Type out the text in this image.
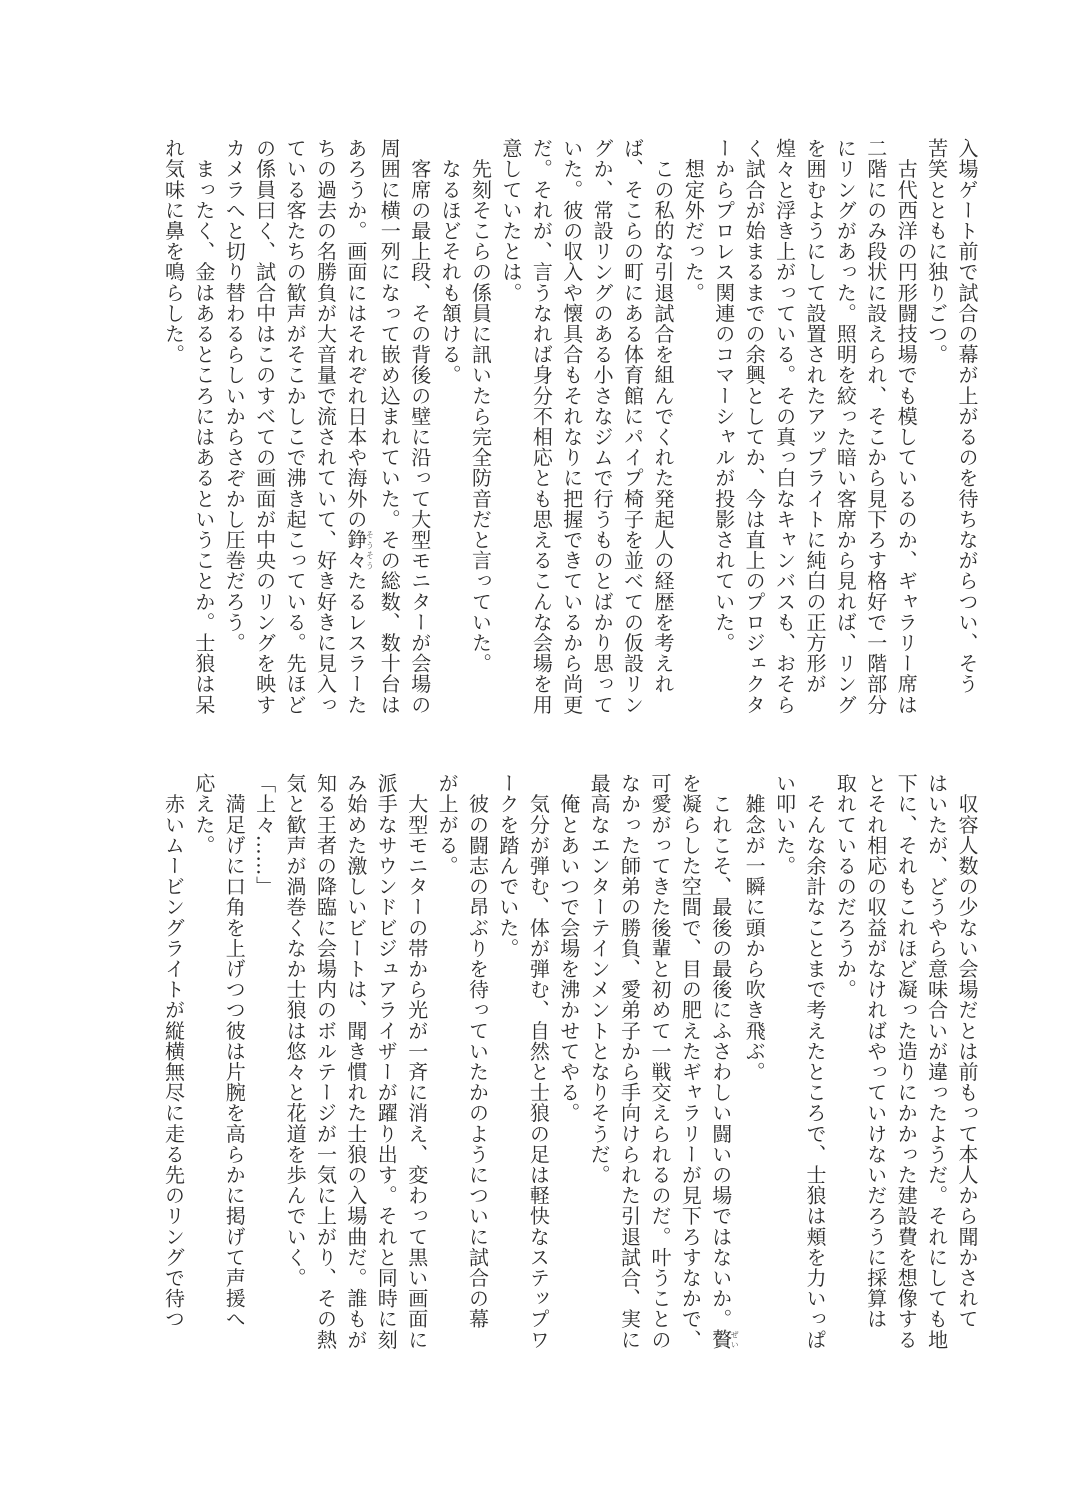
入場ゲート前で試合の幕が上がるのを待ちながらつい、そう
苦笑とともに独りごつ。
　古代西洋の円形闘技場でも模しているのか、ギャラリー席は
二階にのみ段状に設えられ、そこから見下ろす格好で一階部分
にリングがあった。照明を絞った暗い客席から見れば、リング
を囲むようにして設置されたアップライトに純白の正方形が
煌々と浮き上がっている。その真っ白なキャンバスも、おそら
く試合が始まるまでの余興としてか、今は直上のプロジェクタ
ーからプロレス関連のコマーシャルが投影されていた。
　想定外だった。
　この私的な引退試合を組んでくれた発起人の経歴を考えれ
ば、そこらの町にある体育館にパイプ椅子を並べての仮設リン
グか、常設リングのある小さなジムで行うものとばかり思って
いた。彼の収入や懐具合もそれなりに把握できているから尚更
だ。それが、言うなれば身分不相応とも思えるこんな会場を用
意していたとは。
　先刻そこらの係員に訊いたら完全防音だと言っていた。
　なるほどそれも頷ける。
　客席の最上段、その背後の壁に沿って大型モニターが会場の
周囲に横一列になって嵌め込まれていた。その総数、数十台は
あろうか。画面にはそれぞれ日本や海外の錚々そうそうたるレスラーた
ちの過去の名勝負が大音量で流されていて、好き好きに見入っ
ている客たちの歓声がそこかしこで沸き起こっている。先ほど
の係員曰く、試合中はこのすべての画面が中央のリングを映す
カメラへと切り替わるらしいからさぞかし圧巻だろう。
　まったく、金はあるところにはあるということか。士狼は呆
れ気味に鼻を鳴らした。
　収容人数の少ない会場だとは前もって本人から聞かされて
はいたが、どうやら意味合いが違ったようだ。それにしても地
下に、それもこれほど凝った造りにかかった建設費を想像する
とそれ相応の収益がなければやっていけないだろうに採算は
取れているのだろうか。
　そんな余計なことまで考えたところで、士狼は頬を力いっぱ
い叩いた。
　雑念が一瞬に頭から吹き飛ぶ。
　これこそ、最後の最後にふさわしい闘いの場ではないか。贅ぜい
を凝らした空間で、目の肥えたギャラリーが見下ろすなかで、
可愛がってきた後輩と初めて一戦交えられるのだ。叶うことの
なかった師弟の勝負、愛弟子から手向けられた引退試合、実に
最高なエンターテインメントとなりそうだ。
　俺とあいつで会場を沸かせてやる。
　気分が弾む、体が弾む、自然と士狼の足は軽快なステップワ
ークを踏んでいた。
　彼の闘志の昂ぶりを待っていたかのようについに試合の幕
が上がる。
　大型モニターの帯から光が一斉に消え、変わって黒い画面に
派手なサウンドビジュアライザーが躍り出す。それと同時に刻
み始めた激しいビートは、聞き慣れた士狼の入場曲だ。誰もが
知る王者の降臨に会場内のボルテージが一気に上がり、その熱
気と歓声が渦巻くなか士狼は悠々と花道を歩んでいく。
「上々……」
　満足げに口角を上げつつ彼は片腕を高らかに掲げて声援へ
応えた。
　赤いムービングライトが縦横無尽に走る先のリングで待つ
